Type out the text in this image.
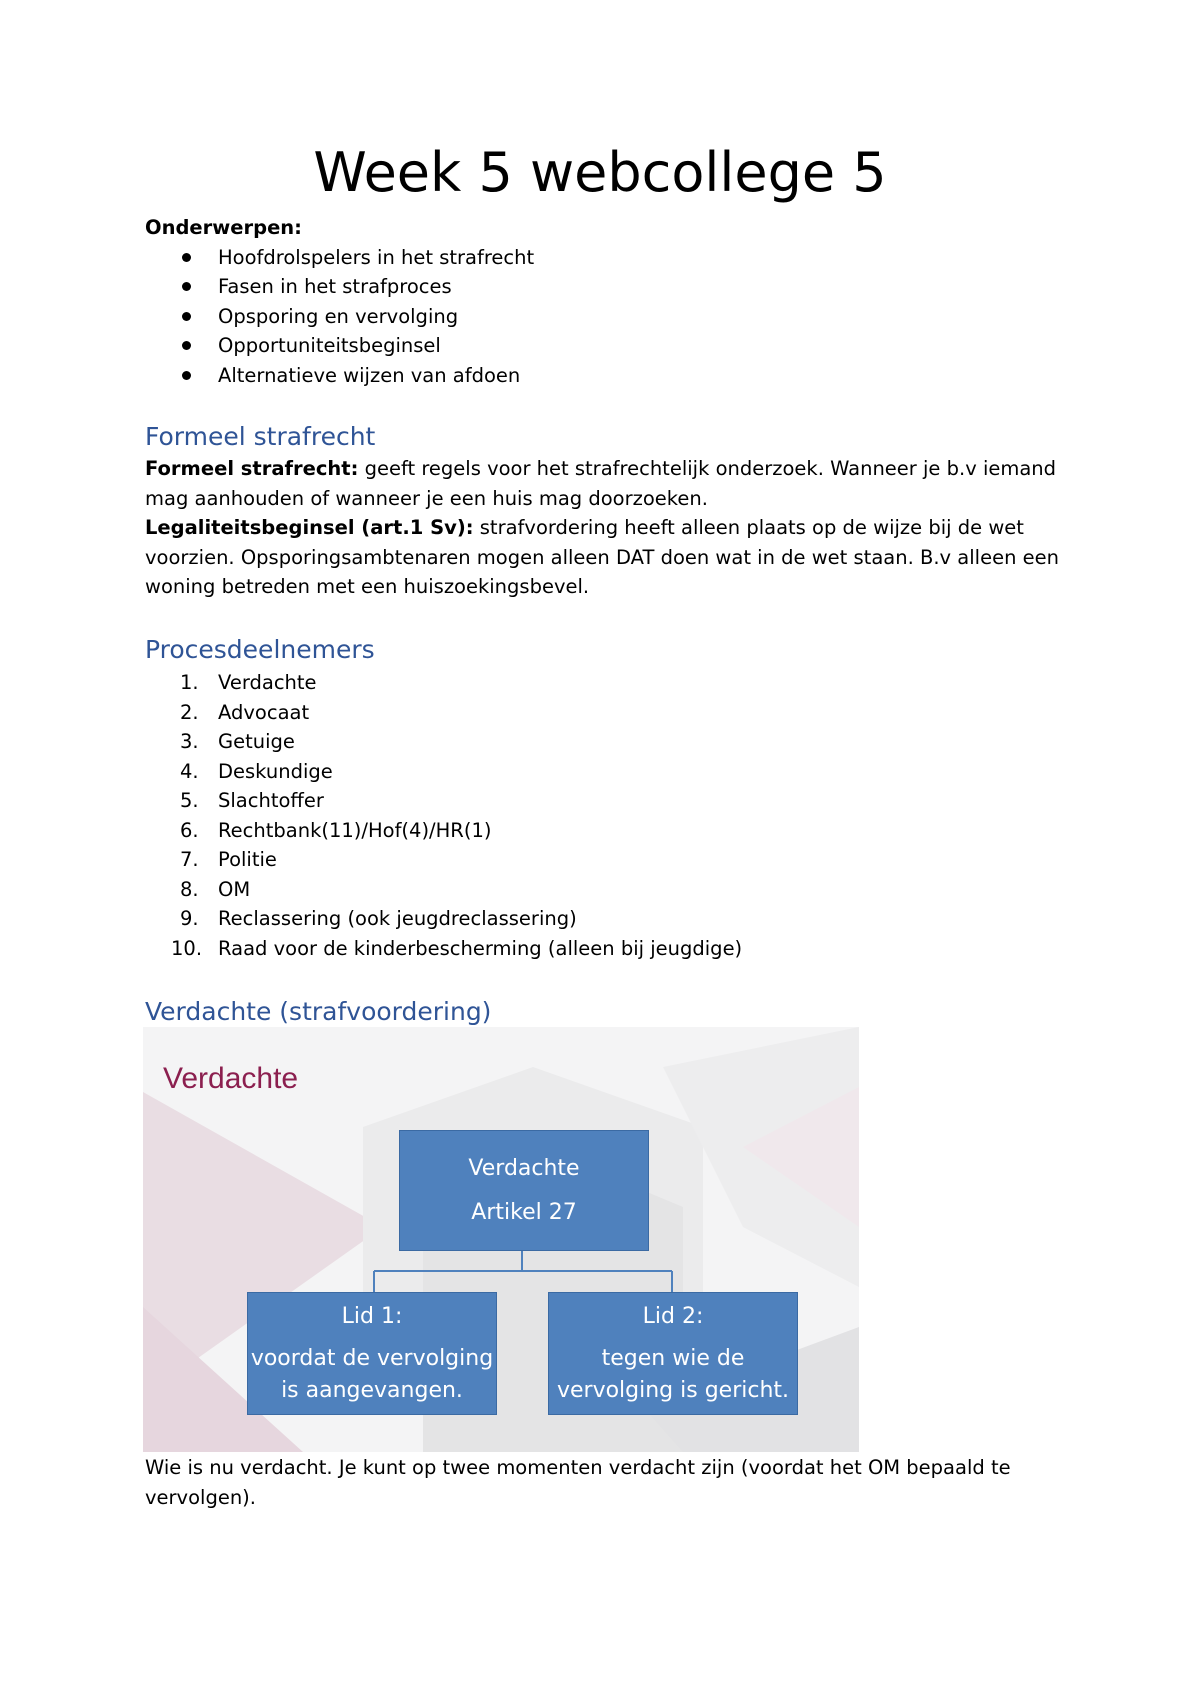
Week 5 webcollege 5
Onderwerpen:
Hoofdrolspelers in het strafrecht
Fasen in het strafproces
Opsporing en vervolging
Opportuniteitsbeginsel
Alternatieve wijzen van afdoen
Formeel strafrecht
Formeel strafrecht: geeft regels voor het strafrechtelijk onderzoek. Wanneer je b.v iemand
mag aanhouden of wanneer je een huis mag doorzoeken.
Legaliteitsbeginsel (art.1 Sv): strafvordering heeft alleen plaats op de wijze bij de wet
voorzien. Opsporingsambtenaren mogen alleen DAT doen wat in de wet staan. B.v alleen een
woning betreden met een huiszoekingsbevel.
Procesdeelnemers
1. Verdachte
2. Advocaat
3. Getuige
4. Deskundige
5. Slachtoffer
6. Rechtbank(11)/Hof(4)/HR(1)
7. Politie
8. OM
9. Reclassering (ook jeugdreclassering)
10. Raad voor de kinderbescherming (alleen bij jeugdige)
Verdachte (strafvoordering)
Verdachte
Verdachte
Artikel 27
Lid 1:
voordat de vervolging
is aangevangen.
Lid 2:
tegen wie de
vervolging is gericht.
Wie is nu verdacht. Je kunt op twee momenten verdacht zijn (voordat het OM bepaald te
vervolgen).
